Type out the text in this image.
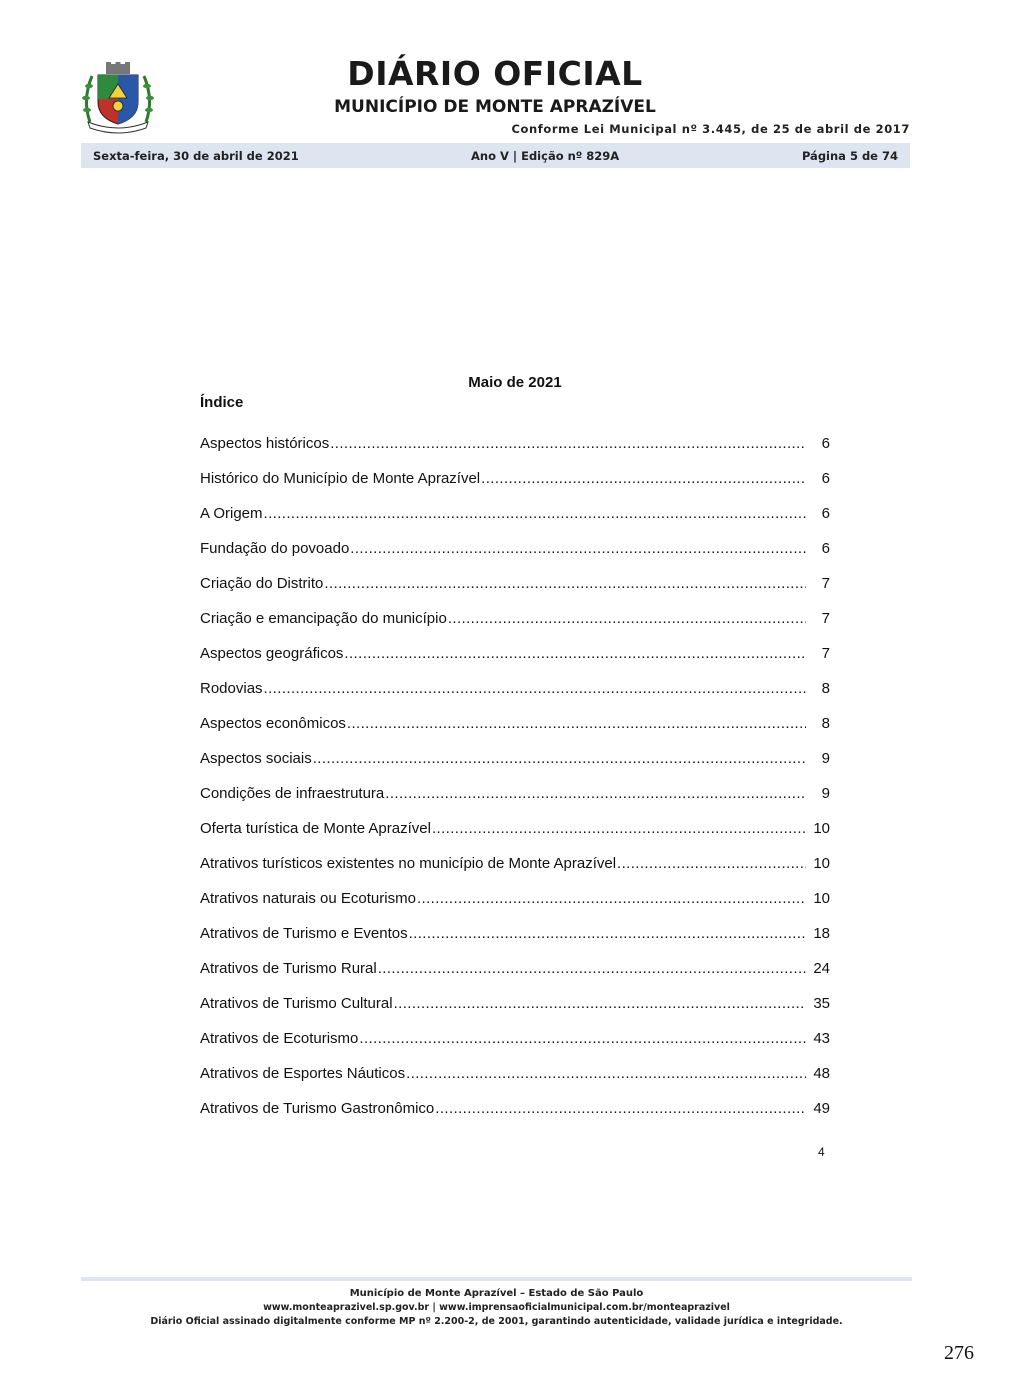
DIÁRIO OFICIAL
MUNICÍPIO DE MONTE APRAZÍVEL
Conforme Lei Municipal nº 3.445, de 25 de abril de 2017
Sexta-feira, 30 de abril de 2021	Ano V | Edição nº 829A	Página 5 de 74
Maio de 2021
Índice
Aspectos históricos .....	6
Histórico do Município de Monte Aprazível .....	6
A Origem .....	6
Fundação do povoado .....	6
Criação do Distrito .....	7
Criação e emancipação do município .....	7
Aspectos geográficos .....	7
Rodovias .....	8
Aspectos econômicos .....	8
Aspectos sociais .....	9
Condições de infraestrutura .....	9
Oferta turística de Monte Aprazível .....	10
Atrativos turísticos existentes no município de Monte Aprazível .....	10
Atrativos naturais ou Ecoturismo .....	10
Atrativos de Turismo e Eventos .....	18
Atrativos de Turismo Rural .....	24
Atrativos de Turismo Cultural .....	35
Atrativos de Ecoturismo .....	43
Atrativos de Esportes Náuticos .....	48
Atrativos de Turismo Gastronômico .....	49
4
Município de Monte Aprazível – Estado de São Paulo
www.monteaprazivel.sp.gov.br | www.imprensaoficialmunicipal.com.br/monteaprazivel
Diário Oficial assinado digitalmente conforme MP nº 2.200-2, de 2001, garantindo autenticidade, validade jurídica e integridade.
276
